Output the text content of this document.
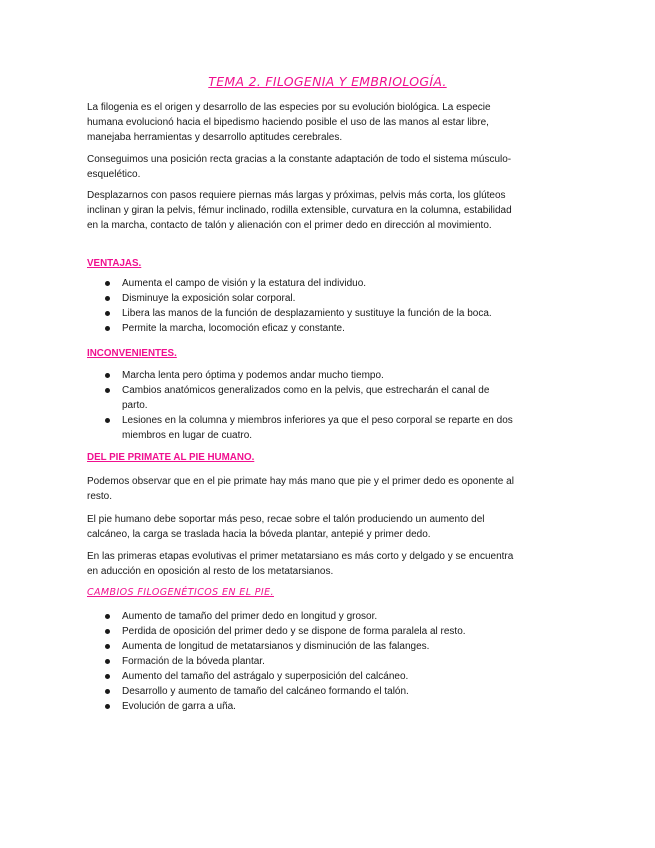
TEMA 2. FILOGENIA Y EMBRIOLOGÍA.
La filogenia es el origen y desarrollo de las especies por su evolución biológica. La especie humana evolucionó hacia el bipedismo haciendo posible el uso de las manos al estar libre, manejaba herramientas y desarrollo aptitudes cerebrales.
Conseguimos una posición recta gracias a la constante adaptación de todo el sistema músculo-esquelético.
Desplazarnos con pasos requiere piernas más largas y próximas, pelvis más corta, los glúteos inclinan y giran la pelvis, fémur inclinado, rodilla extensible, curvatura en la columna, estabilidad en la marcha, contacto de talón y alienación con el primer dedo en dirección al movimiento.
VENTAJAS.
Aumenta el campo de visión y la estatura del individuo.
Disminuye la exposición solar corporal.
Libera las manos de la función de desplazamiento y sustituye la función de la boca.
Permite la marcha, locomoción eficaz y constante.
INCONVENIENTES.
Marcha lenta pero óptima y podemos andar mucho tiempo.
Cambios anatómicos generalizados como en la pelvis, que estrecharán el canal de parto.
Lesiones en la columna y miembros inferiores ya que el peso corporal se reparte en dos miembros en lugar de cuatro.
DEL PIE PRIMATE AL PIE HUMANO.
Podemos observar que en el pie primate hay más mano que pie y el primer dedo es oponente al resto.
El pie humano debe soportar más peso, recae sobre el talón produciendo un aumento del calcáneo, la carga se traslada hacia la bóveda plantar, antepié y primer dedo.
En las primeras etapas evolutivas el primer metatarsiano es más corto y delgado y se encuentra en aducción en oposición al resto de los metatarsianos.
CAMBIOS FILOGENÉTICOS EN EL PIE.
Aumento de tamaño del primer dedo en longitud y grosor.
Perdida de oposición del primer dedo y se dispone de forma paralela al resto.
Aumenta de longitud de metatarsianos y disminución de las falanges.
Formación de la bóveda plantar.
Aumento del tamaño del astrágalo y superposición del calcáneo.
Desarrollo y aumento de tamaño del calcáneo formando el talón.
Evolución de garra a uña.
